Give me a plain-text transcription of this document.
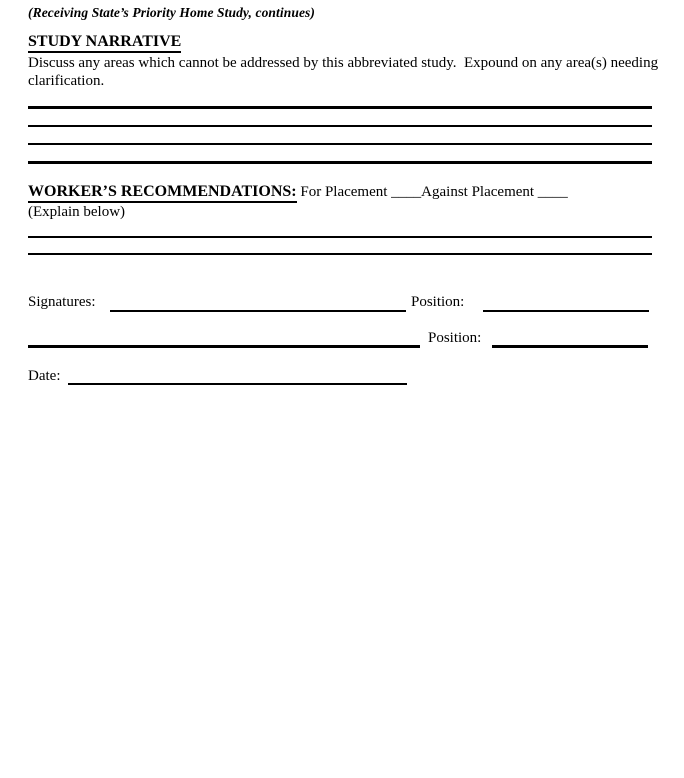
(Receiving State’s Priority Home Study, continues)
STUDY NARRATIVE
Discuss any areas which cannot be addressed by this abbreviated study.  Expound on any area(s) needing clarification.
WORKER’S RECOMMENDATIONS: For Placement ____Against Placement ____
(Explain below)
Signatures:	Position:
Position:
Date:
